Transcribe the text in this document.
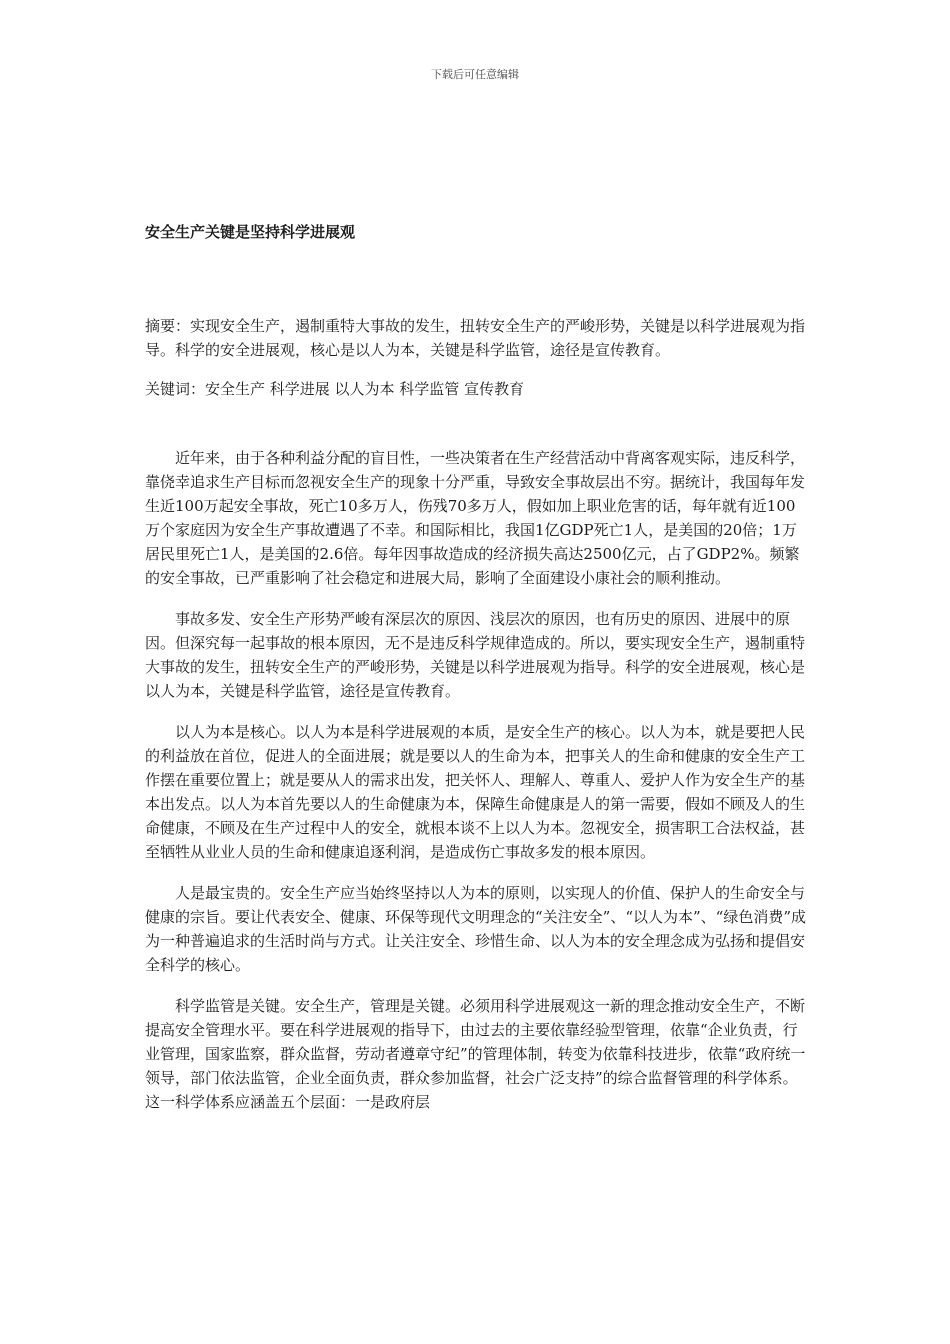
下载后可任意编辑
安全生产关键是坚持科学进展观

摘要：实现安全生产，遏制重特大事故的发生，扭转安全生产的严峻形势，关键是以科学进展观为指导。科学的安全进展观，核心是以人为本，关键是科学监管，途径是宣传教育。

关键词：安全生产 科学进展 以人为本 科学监管 宣传教育

近年来，由于各种利益分配的盲目性，一些决策者在生产经营活动中背离客观实际，违反科学，靠侥幸追求生产目标而忽视安全生产的现象十分严重，导致安全事故层出不穷。据统计，我国每年发生近100万起安全事故，死亡10多万人，伤残70多万人，假如加上职业危害的话，每年就有近100万个家庭因为安全生产事故遭遇了不幸。和国际相比，我国1亿GDP死亡1人，是美国的20倍；1万居民里死亡1人，是美国的2.6倍。每年因事故造成的经济损失高达2500亿元，占了GDP2%。频繁的安全事故，已严重影响了社会稳定和进展大局，影响了全面建设小康社会的顺利推动。

事故多发、安全生产形势严峻有深层次的原因、浅层次的原因，也有历史的原因、进展中的原因。但深究每一起事故的根本原因，无不是违反科学规律造成的。所以，要实现安全生产，遏制重特大事故的发生，扭转安全生产的严峻形势，关键是以科学进展观为指导。科学的安全进展观，核心是以人为本，关键是科学监管，途径是宣传教育。

以人为本是核心。以人为本是科学进展观的本质，是安全生产的核心。以人为本，就是要把人民的利益放在首位，促进人的全面进展；就是要以人的生命为本，把事关人的生命和健康的安全生产工作摆在重要位置上；就是要从人的需求出发，把关怀人、理解人、尊重人、爱护人作为安全生产的基本出发点。以人为本首先要以人的生命健康为本，保障生命健康是人的第一需要，假如不顾及人的生命健康，不顾及在生产过程中人的安全，就根本谈不上以人为本。忽视安全，损害职工合法权益，甚至牺牲从业业人员的生命和健康追逐利润，是造成伤亡事故多发的根本原因。

人是最宝贵的。安全生产应当始终坚持以人为本的原则，以实现人的价值、保护人的生命安全与健康的宗旨。要让代表安全、健康、环保等现代文明理念的“关注安全”、“以人为本”、“绿色消费”成为一种普遍追求的生活时尚与方式。让关注安全、珍惜生命、以人为本的安全理念成为弘扬和提倡安全科学的核心。

科学监管是关键。安全生产，管理是关键。必须用科学进展观这一新的理念推动安全生产，不断提高安全管理水平。要在科学进展观的指导下，由过去的主要依靠经验型管理，依靠“企业负责，行业管理，国家监察，群众监督，劳动者遵章守纪”的管理体制，转变为依靠科技进步，依靠“政府统一领导，部门依法监管，企业全面负责，群众参加监督，社会广泛支持”的综合监督管理的科学体系。这一科学体系应涵盖五个层面：一是政府层
